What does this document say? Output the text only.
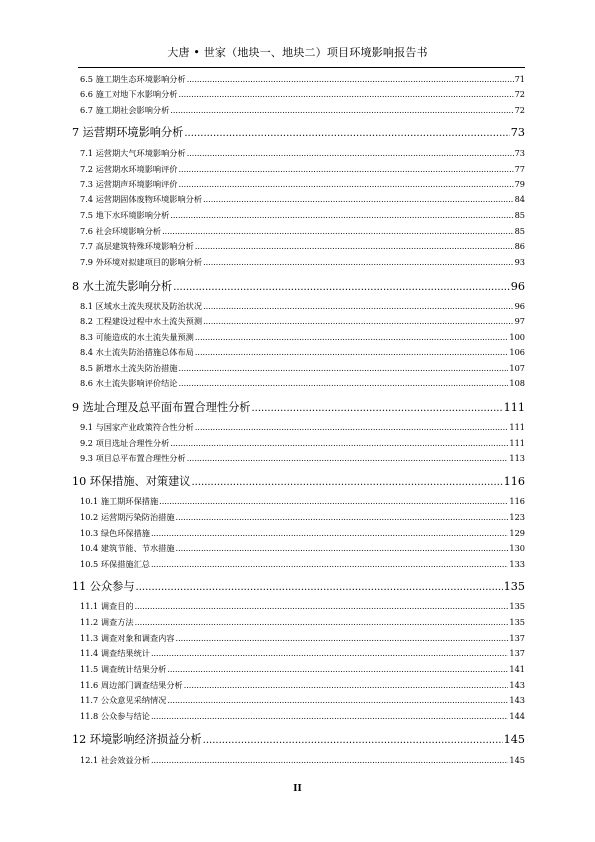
大唐 • 世家（地块一、地块二）项目环境影响报告书
6.5 施工期生态环境影响分析 .....	71
6.6 施工对地下水影响分析 .....	72
6.7 施工期社会影响分析 .....	72
7 运营期环境影响分析 .....	73
7.1 运营期大气环境影响分析 .....	73
7.2 运营期水环境影响评价 .....	77
7.3 运营期声环境影响评价 .....	79
7.4 运营期固体废物环境影响分析 .....	84
7.5 地下水环境影响分析 .....	85
7.6 社会环境影响分析 .....	85
7.7 高层建筑特殊环境影响分析 .....	86
7.9 外环境对拟建项目的影响分析 .....	93
8 水土流失影响分析 .....	96
8.1 区域水土流失现状及防治状况 .....	96
8.2 工程建设过程中水土流失预测 .....	97
8.3 可能造成的水土流失量预测 .....	100
8.4 水土流失防治措施总体布局 .....	106
8.5 新增水土流失防治措施 .....	107
8.6 水土流失影响评价结论 .....	108
9 选址合理及总平面布置合理性分析 .....	111
9.1 与国家产业政策符合性分析 .....	111
9.2 项目选址合理性分析 .....	111
9.3 项目总平布置合理性分析 .....	113
10 环保措施、对策建议 .....	116
10.1 施工期环保措施 .....	116
10.2 运营期污染防治措施 .....	123
10.3 绿色环保措施 .....	129
10.4 建筑节能、节水措施 .....	130
10.5 环保措施汇总 .....	133
11 公众参与 .....	135
11.1 调查目的 .....	135
11.2 调查方法 .....	135
11.3 调查对象和调查内容 .....	137
11.4 调查结果统计 .....	137
11.5 调查统计结果分析 .....	141
11.6 周边部门调查结果分析 .....	143
11.7 公众意见采纳情况 .....	143
11.8 公众参与结论 .....	144
12 环境影响经济损益分析 .....	145
12.1 社会效益分析 .....	145
II
